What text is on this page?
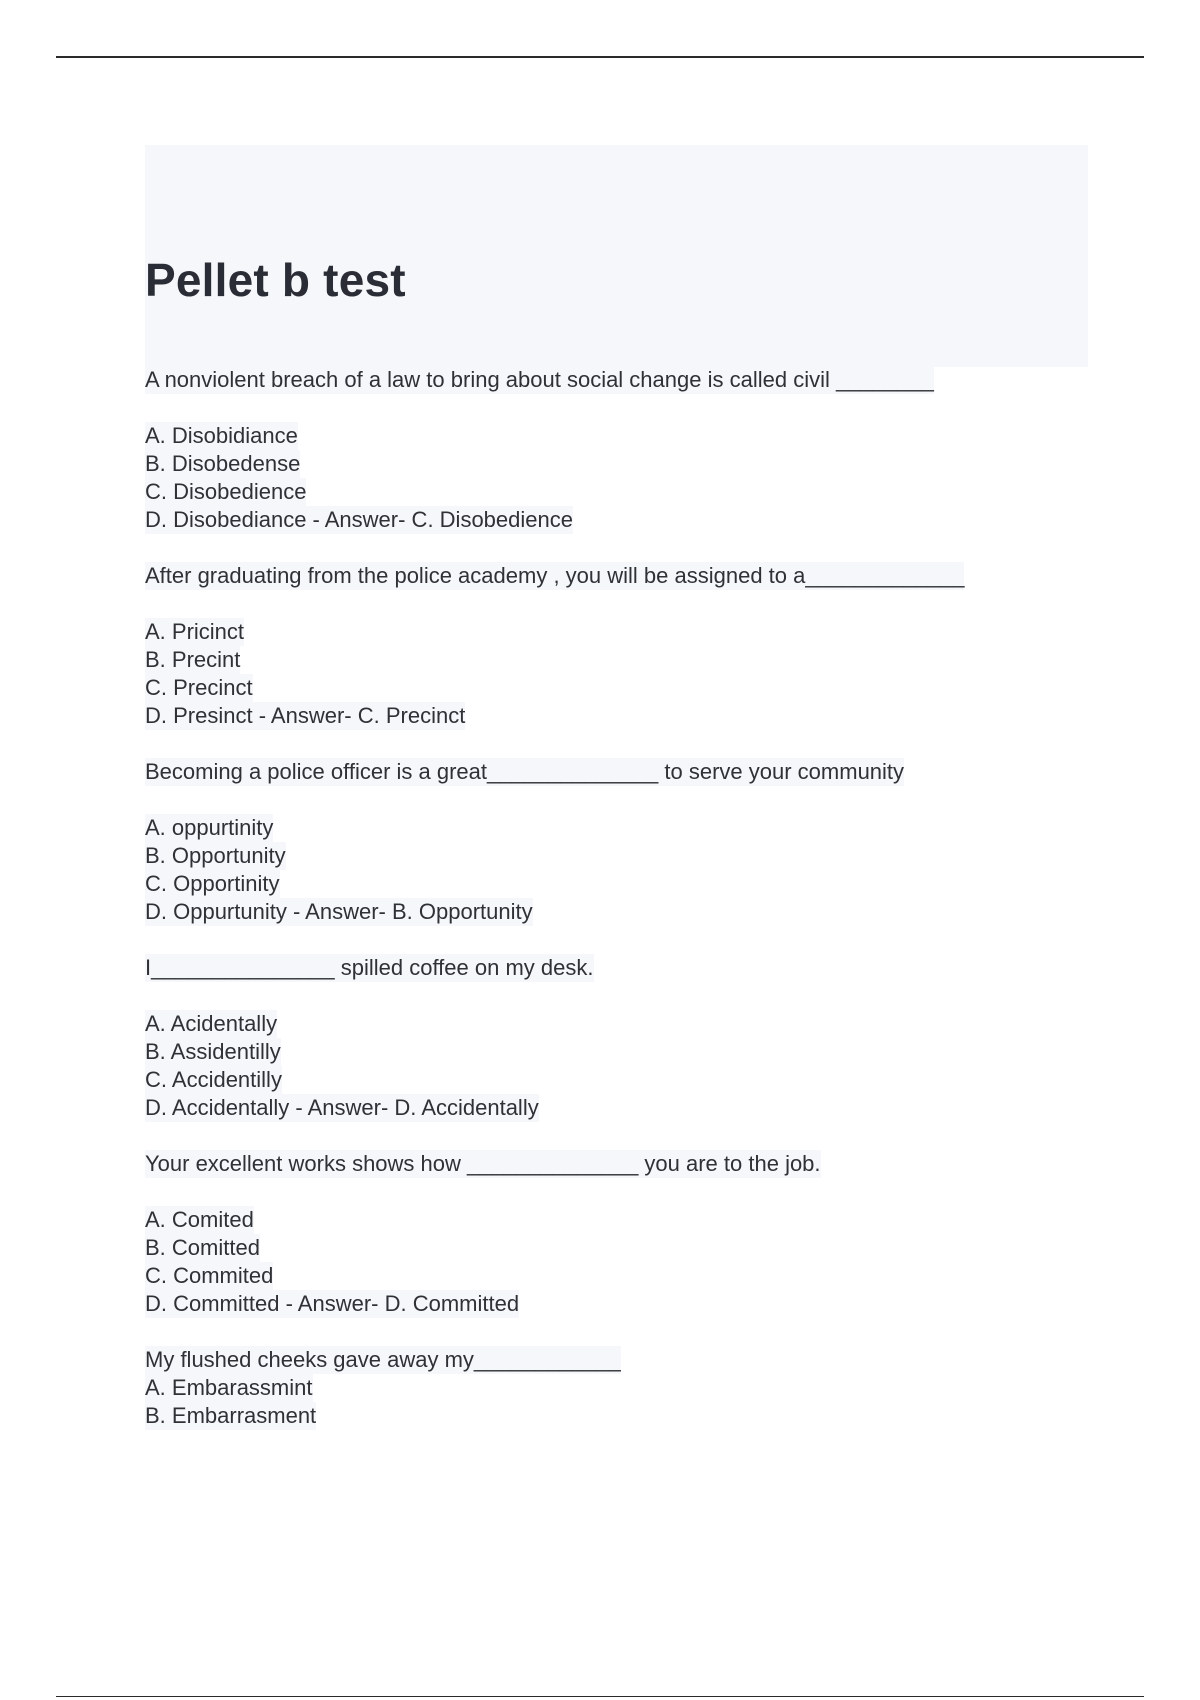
Pellet b test
A nonviolent breach of a law to bring about social change is called civil ________
A. Disobidiance
B. Disobedense
C. Disobedience
D. Disobediance - Answer- C. Disobedience
After graduating from the police academy , you will be assigned to a_____________
A. Pricinct
B. Precint
C. Precinct
D. Presinct - Answer- C. Precinct
Becoming a police officer is a great______________ to serve your community
A. oppurtinity
B. Opportunity
C. Opportinity
D. Oppurtunity - Answer- B. Opportunity
I_______________ spilled coffee on my desk.
A. Acidentally
B. Assidentilly
C. Accidentilly
D. Accidentally - Answer- D. Accidentally
Your excellent works shows how ______________ you are to the job.
A. Comited
B. Comitted
C. Commited
D. Committed - Answer- D. Committed
My flushed cheeks gave away my____________
A. Embarassmint
B. Embarrasment
